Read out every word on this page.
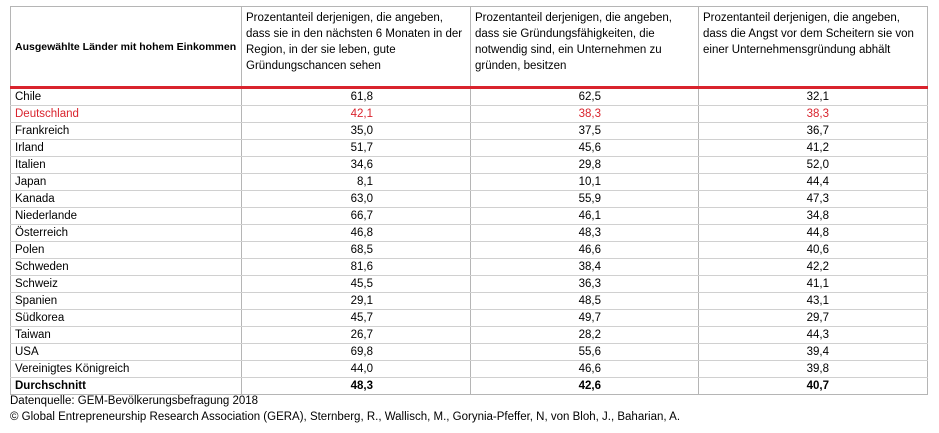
Ausgewählte Länder mit hohem Einkommen	Prozentanteil derjenigen, die angeben, dass sie in den nächsten 6 Monaten in der Region, in der sie leben, gute Gründungschancen sehen	Prozentanteil derjenigen, die angeben, dass sie Gründungsfähigkeiten, die notwendig sind, ein Unternehmen zu gründen, besitzen	Prozentanteil derjenigen, die angeben, dass die Angst vor dem Scheitern sie von einer Unternehmensgründung abhält
Chile	61,8	62,5	32,1
Deutschland	42,1	38,3	38,3
Frankreich	35,0	37,5	36,7
Irland	51,7	45,6	41,2
Italien	34,6	29,8	52,0
Japan	8,1	10,1	44,4
Kanada	63,0	55,9	47,3
Niederlande	66,7	46,1	34,8
Österreich	46,8	48,3	44,8
Polen	68,5	46,6	40,6
Schweden	81,6	38,4	42,2
Schweiz	45,5	36,3	41,1
Spanien	29,1	48,5	43,1
Südkorea	45,7	49,7	29,7
Taiwan	26,7	28,2	44,3
USA	69,8	55,6	39,4
Vereinigtes Königreich	44,0	46,6	39,8
Durchschnitt	48,3	42,6	40,7
Datenquelle: GEM-Bevölkerungsbefragung 2018
© Global Entrepreneurship Research Association (GERA), Sternberg, R., Wallisch, M., Gorynia-Pfeffer, N, von Bloh, J., Baharian, A.
